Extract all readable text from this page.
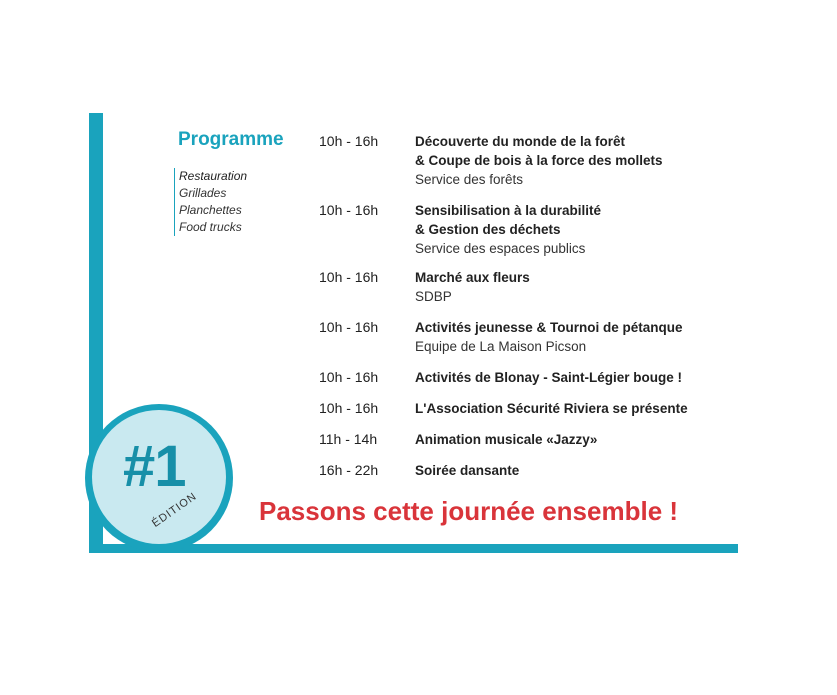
Programme
Restauration
Grillades
Planchettes
Food trucks
10h - 16h	Découverte du monde de la forêt
& Coupe de bois à la force des mollets
Service des forêts
10h - 16h	Sensibilisation à la durabilité
& Gestion des déchets
Service des espaces publics
10h - 16h	Marché aux fleurs
SDBP
10h - 16h	Activités jeunesse & Tournoi de pétanque
Equipe de La Maison Picson
10h - 16h	Activités de Blonay - Saint-Légier bouge !
10h - 16h	L'Association Sécurité Riviera se présente
11h - 14h	Animation musicale «Jazzy»
16h - 22h	Soirée dansante
#1
ÉDITION Passons cette journée ensemble !
